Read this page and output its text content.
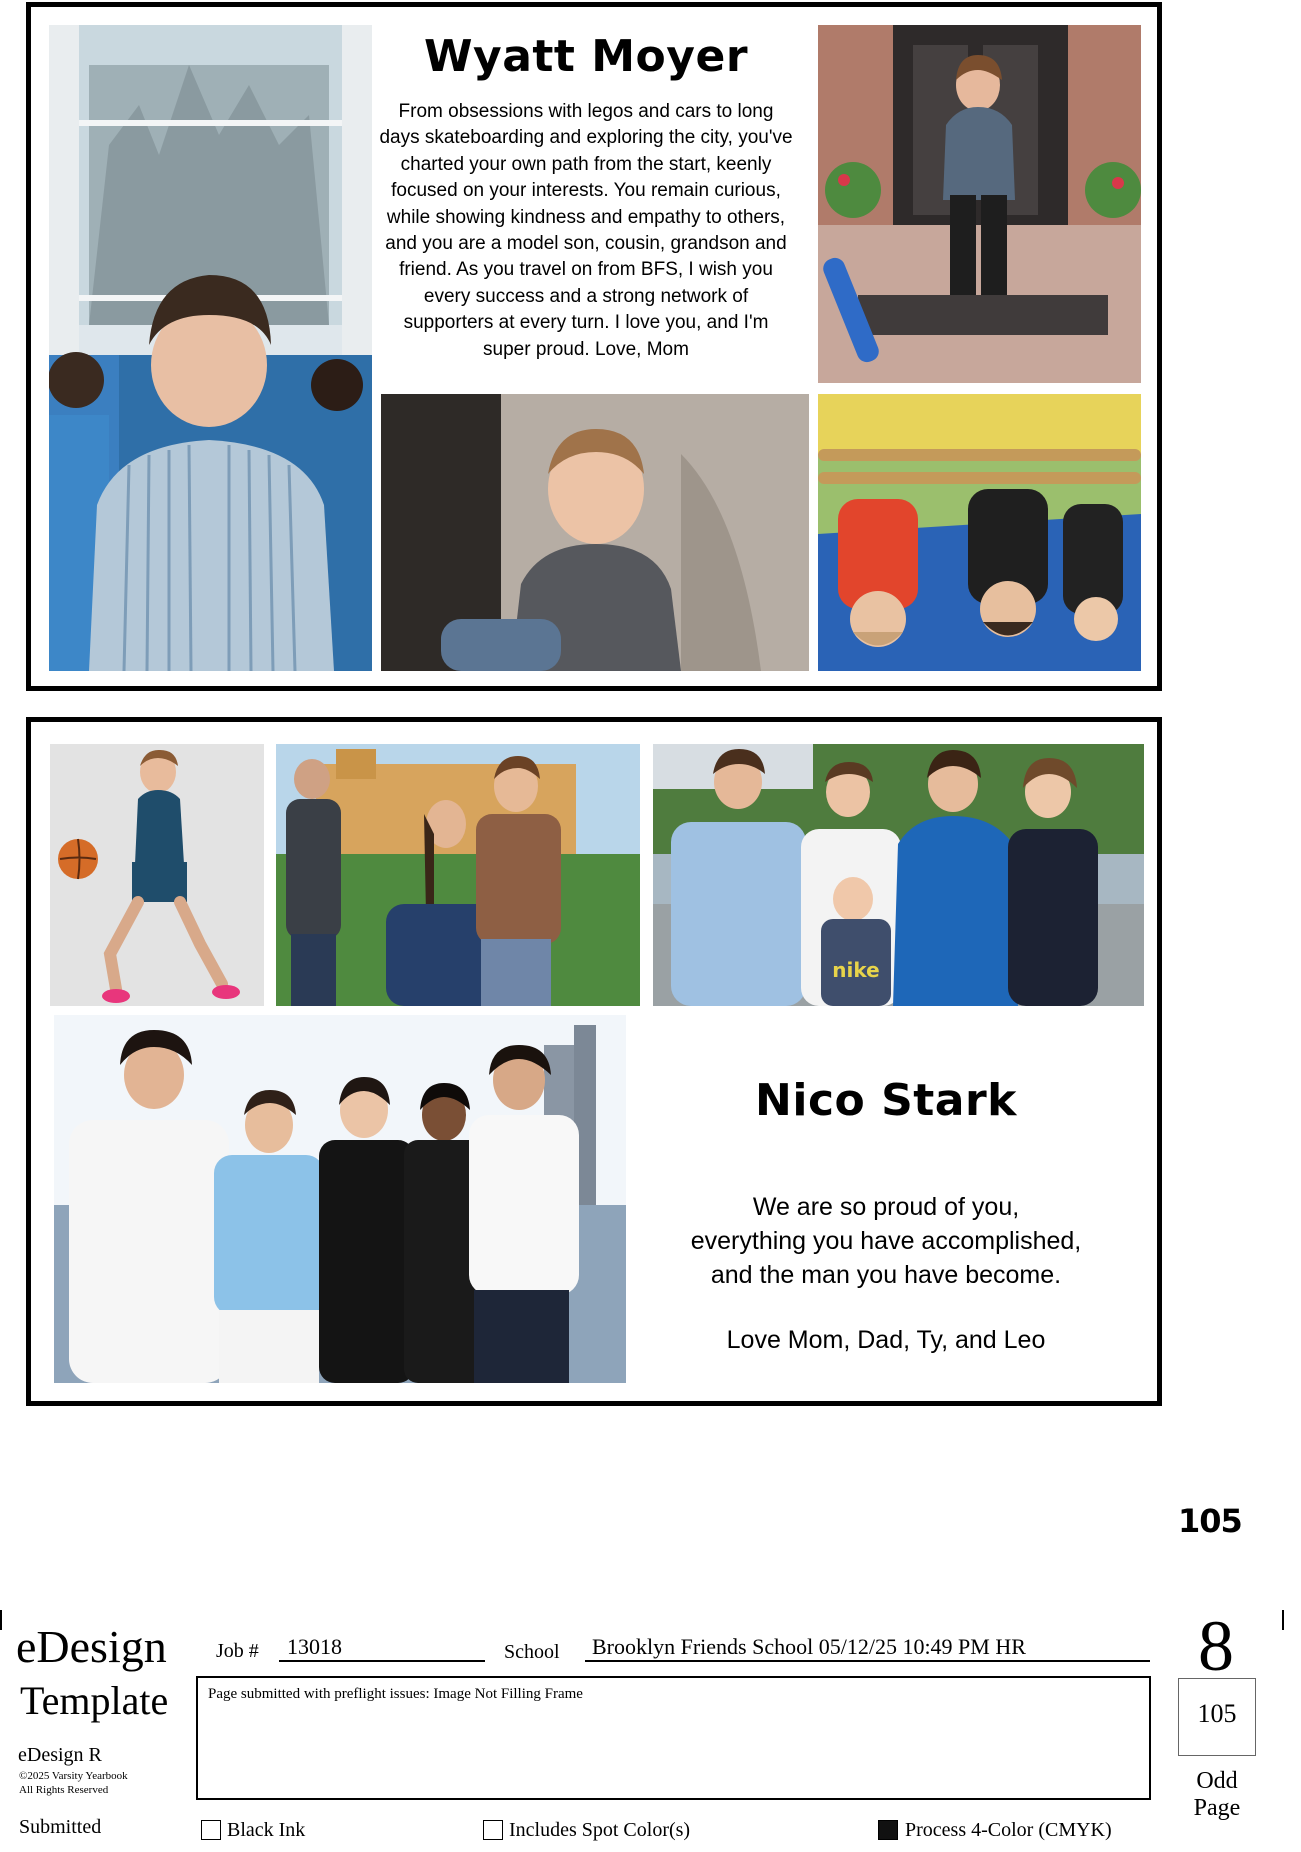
Wyatt Moyer
From obsessions with legos and cars to long days skateboarding and exploring the city, you've charted your own path from the start, keenly focused on your interests. You remain curious, while showing kindness and empathy to others, and you are a model son, cousin, grandson and friend. As you travel on from BFS, I wish you every success and a strong network of supporters at every turn. I love you, and I'm super proud. Love, Mom
nike
Nico Stark
We are so proud of you,
everything you have accomplished,
and the man you have become.
Love Mom, Dad, Ty, and Leo
105
eDesign
Template
eDesign R
©2025 Varsity Yearbook
All Rights Reserved
Submitted
Job # 13018	School Brooklyn Friends School 05/12/25 10:49 PM HR
Page submitted with preflight issues: Image Not Filling Frame
8
105
Odd
Page
Black Ink	Includes Spot Color(s)	Process 4-Color (CMYK)
